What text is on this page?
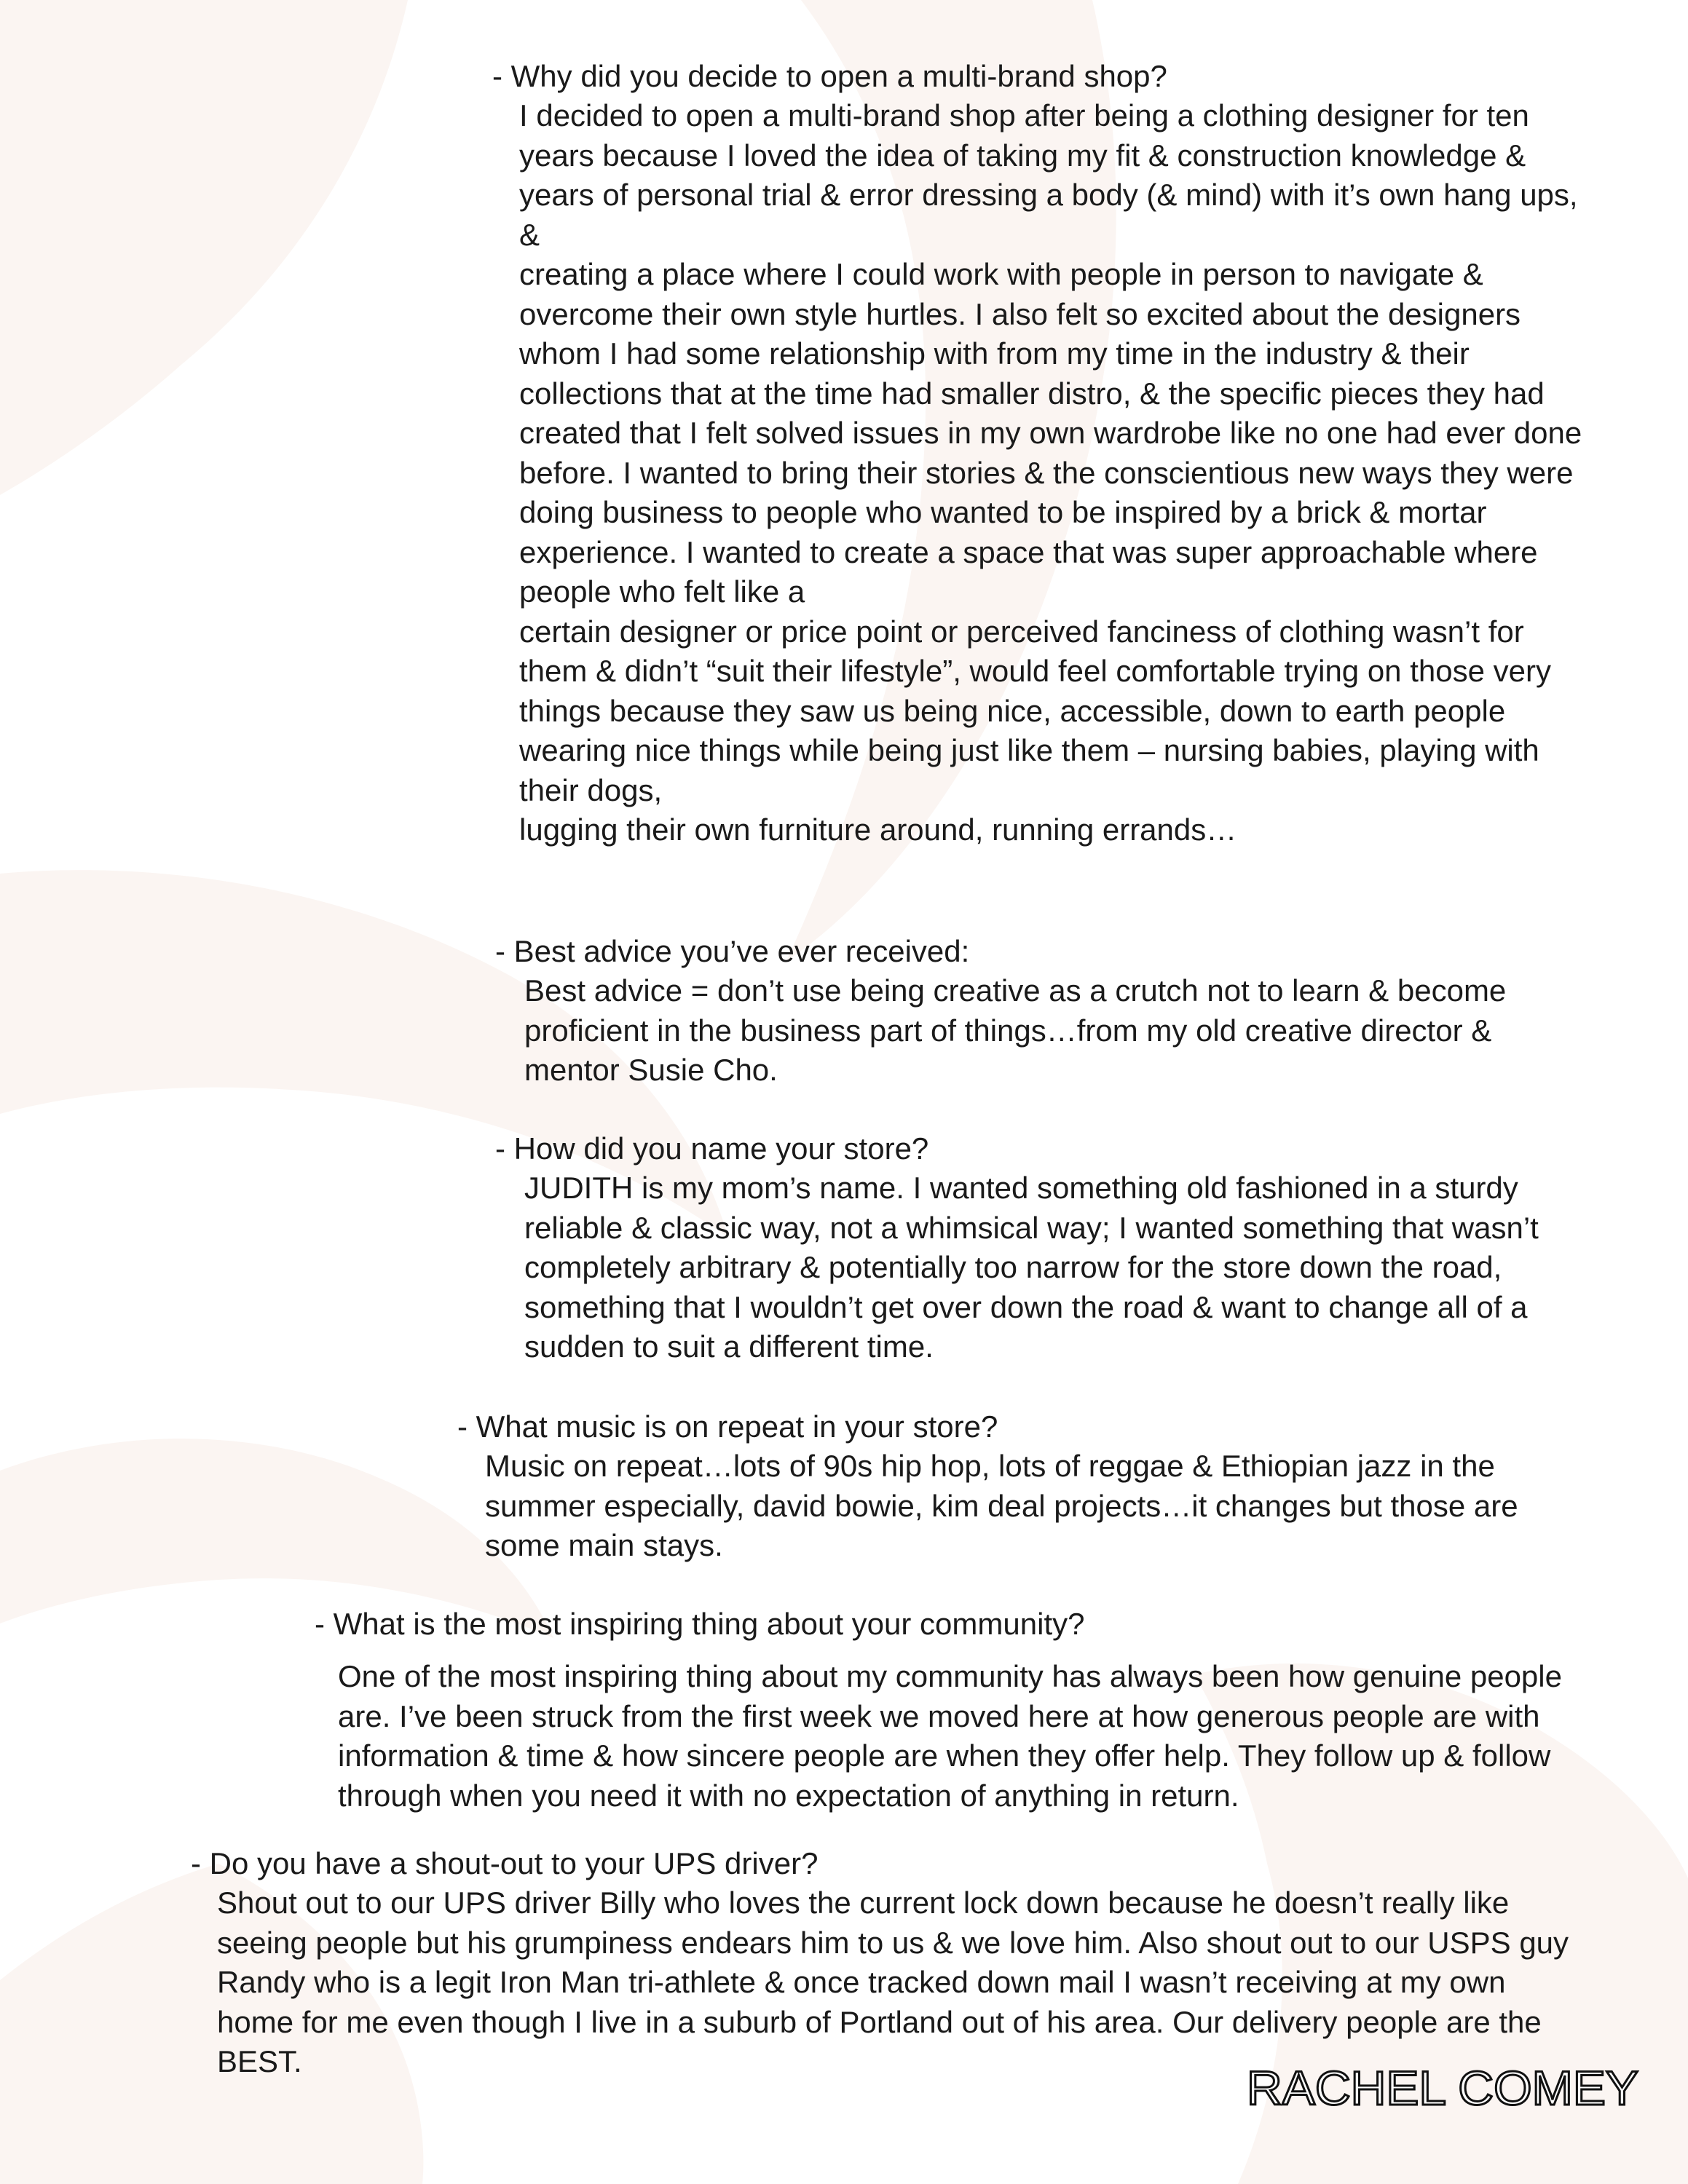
- Why did you decide to open a multi-brand shop?

I decided to open a multi-brand shop after being a clothing designer for ten years because I loved the idea of taking my fit & construction knowledge & years of personal trial & error dressing a body (& mind) with it’s own hang ups, &

creating a place where I could work with people in person to navigate & overcome their own style hurtles. I also felt so excited about the designers whom I had some relationship with from my time in the industry & their collections that at the time had smaller distro, & the specific pieces they had created that I felt solved issues in my own wardrobe like no one had ever done before. I wanted to bring their stories & the conscientious new ways they were doing business to people who wanted to be inspired by a brick & mortar experience. I wanted to create a space that was super approachable where people who felt like a

certain designer or price point or perceived fanciness of clothing wasn’t for them & didn’t “suit their lifestyle”, would feel comfortable trying on those very things because they saw us being nice, accessible, down to earth people wearing nice things while being just like them – nursing babies, playing with their dogs,

lugging their own furniture around, running errands…

- Best advice you’ve ever received:

Best advice = don’t use being creative as a crutch not to learn & become proficient in the business part of things…from my old creative director & mentor Susie Cho.

- How did you name your store?

JUDITH is my mom’s name. I wanted something old fashioned in a sturdy reliable & classic way, not a whimsical way; I wanted something that wasn’t completely arbitrary & potentially too narrow for the store down the road, something that I wouldn’t get over down the road & want to change all of a sudden to suit a different time.

- What music is on repeat in your store?

Music on repeat…lots of 90s hip hop, lots of reggae & Ethiopian jazz in the summer especially, david bowie, kim deal projects…it changes but those are some main stays.

- What is the most inspiring thing about your community?

One of the most inspiring thing about my community has always been how genuine people are. I’ve been struck from the first week we moved here at how generous people are with information & time & how sincere people are when they offer help. They follow up & follow through when you need it with no expectation of anything in return.

- Do you have a shout-out to your UPS driver?

Shout out to our UPS driver Billy who loves the current lock down because he doesn’t really like seeing people but his grumpiness endears him to us & we love him. Also shout out to our USPS guy Randy who is a legit Iron Man tri-athlete & once tracked down mail I wasn’t receiving at my own home for me even though I live in a suburb of Portland out of his area. Our delivery people are the BEST.	RACHEL COMEY
